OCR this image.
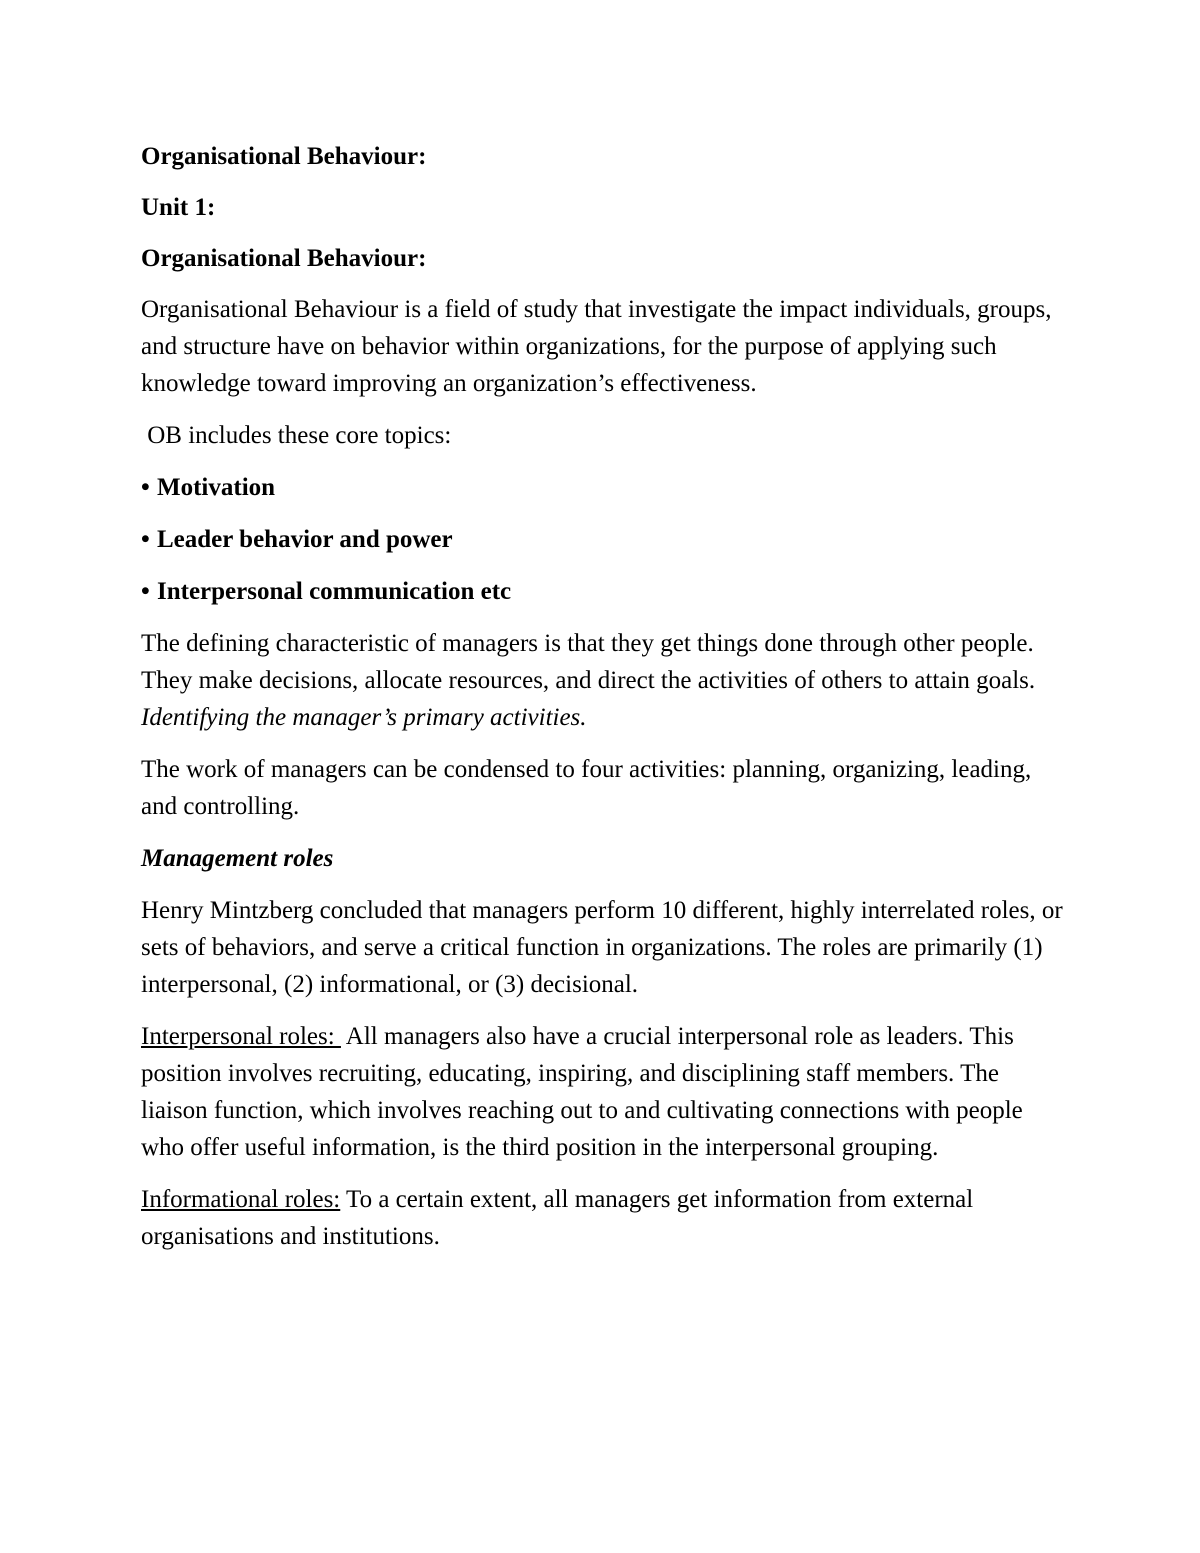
Organisational Behaviour:

Unit 1:

Organisational Behaviour:

Organisational Behaviour is a field of study that investigate the impact individuals, groups, and structure have on behavior within organizations, for the purpose of applying such knowledge toward improving an organization’s effectiveness.

OB includes these core topics:

• Motivation

• Leader behavior and power

• Interpersonal communication etc

The defining characteristic of managers is that they get things done through other people. They make decisions, allocate resources, and direct the activities of others to attain goals. Identifying the manager’s primary activities.

The work of managers can be condensed to four activities: planning, organizing, leading, and controlling.

Management roles

Henry Mintzberg concluded that managers perform 10 different, highly interrelated roles, or sets of behaviors, and serve a critical function in organizations. The roles are primarily (1) interpersonal, (2) informational, or (3) decisional.

Interpersonal roles:  All managers also have a crucial interpersonal role as leaders. This position involves recruiting, educating, inspiring, and disciplining staff members. The liaison function, which involves reaching out to and cultivating connections with people who offer useful information, is the third position in the interpersonal grouping.

Informational roles: To a certain extent, all managers get information from external organisations and institutions.
